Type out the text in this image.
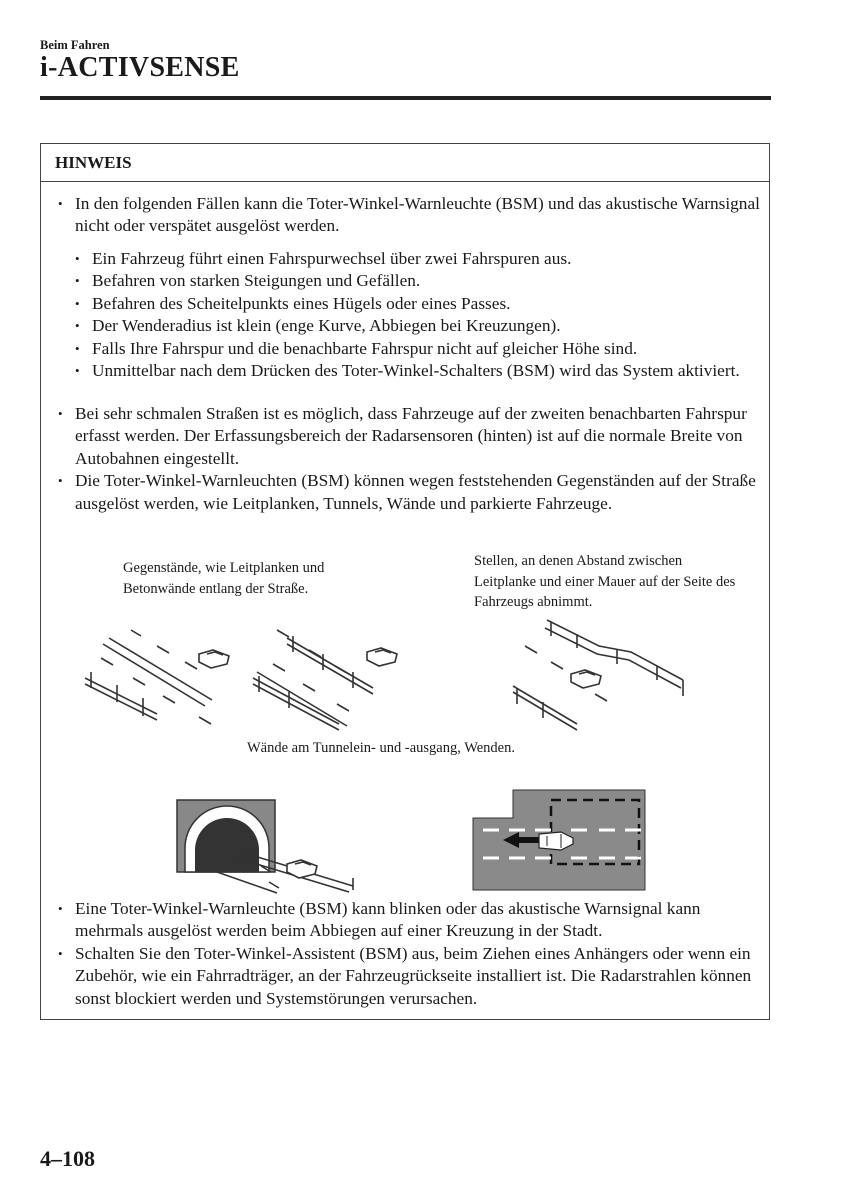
Beim Fahren
i-ACTIVSENSE
HINWEIS
• In den folgenden Fällen kann die Toter-Winkel-Warnleuchte (BSM) und das akustische Warnsignal nicht oder verspätet ausgelöst werden.
• Ein Fahrzeug führt einen Fahrspurwechsel über zwei Fahrspuren aus.
• Befahren von starken Steigungen und Gefällen.
• Befahren des Scheitelpunkts eines Hügels oder eines Passes.
• Der Wenderadius ist klein (enge Kurve, Abbiegen bei Kreuzungen).
• Falls Ihre Fahrspur und die benachbarte Fahrspur nicht auf gleicher Höhe sind.
• Unmittelbar nach dem Drücken des Toter-Winkel-Schalters (BSM) wird das System aktiviert.
• Bei sehr schmalen Straßen ist es möglich, dass Fahrzeuge auf der zweiten benachbarten Fahrspur erfasst werden. Der Erfassungsbereich der Radarsensoren (hinten) ist auf die normale Breite von Autobahnen eingestellt.
• Die Toter-Winkel-Warnleuchten (BSM) können wegen feststehenden Gegenständen auf der Straße ausgelöst werden, wie Leitplanken, Tunnels, Wände und parkierte Fahrzeuge.
Gegenstände, wie Leitplanken und Betonwände entlang der Straße.
Stellen, an denen Abstand zwischen Leitplanke und einer Mauer auf der Seite des Fahrzeugs abnimmt.
Wände am Tunnelein- und -ausgang, Wenden.
• Eine Toter-Winkel-Warnleuchte (BSM) kann blinken oder das akustische Warnsignal kann mehrmals ausgelöst werden beim Abbiegen auf einer Kreuzung in der Stadt.
• Schalten Sie den Toter-Winkel-Assistent (BSM) aus, beim Ziehen eines Anhängers oder wenn ein Zubehör, wie ein Fahrradträger, an der Fahrzeugrückseite installiert ist. Die Radarstrahlen können sonst blockiert werden und Systemstörungen verursachen.
4–108
